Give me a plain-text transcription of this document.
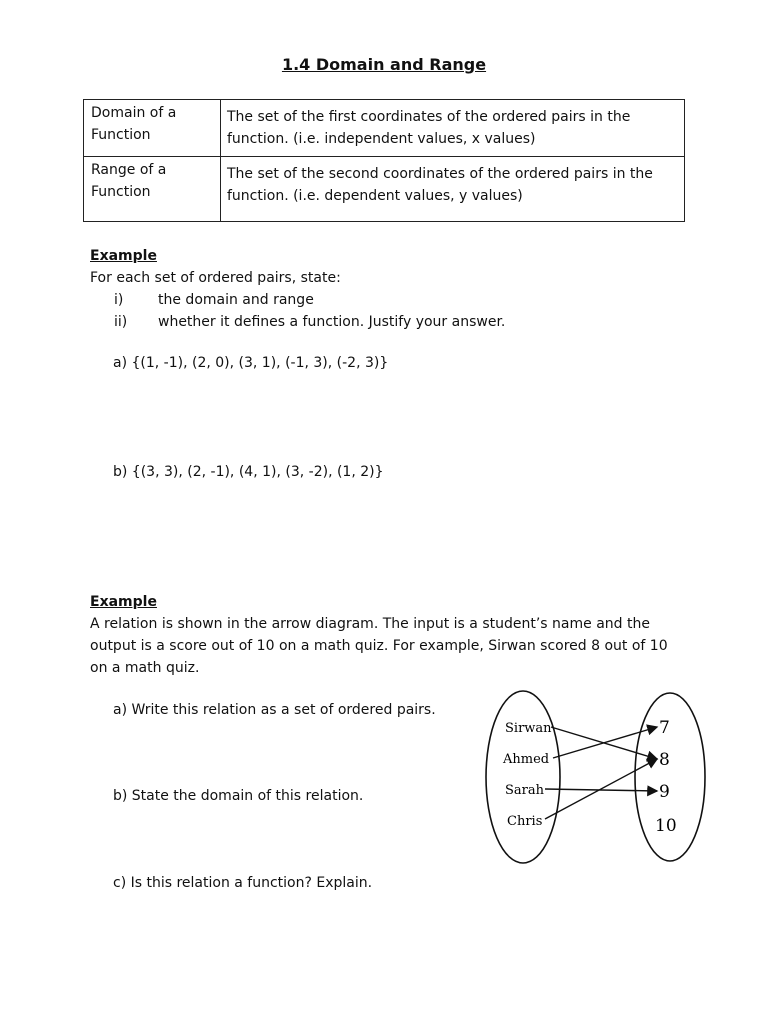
1.4 Domain and Range
Domain of a Function	The set of the first coordinates of the ordered pairs in the function. (i.e. independent values, x values)
Range of a Function	The set of the second coordinates of the ordered pairs in the function. (i.e. dependent values, y values)
Example
For each set of ordered pairs, state:
i)	the domain and range
ii)	whether it defines a function. Justify your answer.
a) {(1, -1), (2, 0), (3, 1), (-1, 3), (-2, 3)}
b) {(3, 3), (2, -1), (4, 1), (3, -2), (1, 2)}
Example
A relation is shown in the arrow diagram. The input is a student’s name and the output is a score out of 10 on a math quiz. For example, Sirwan scored 8 out of 10 on a math quiz.
a) Write this relation as a set of ordered pairs.
b) State the domain of this relation.
c) Is this relation a function? Explain.
Sirwan
Ahmed
Sarah
Chris
7
8
9
10
